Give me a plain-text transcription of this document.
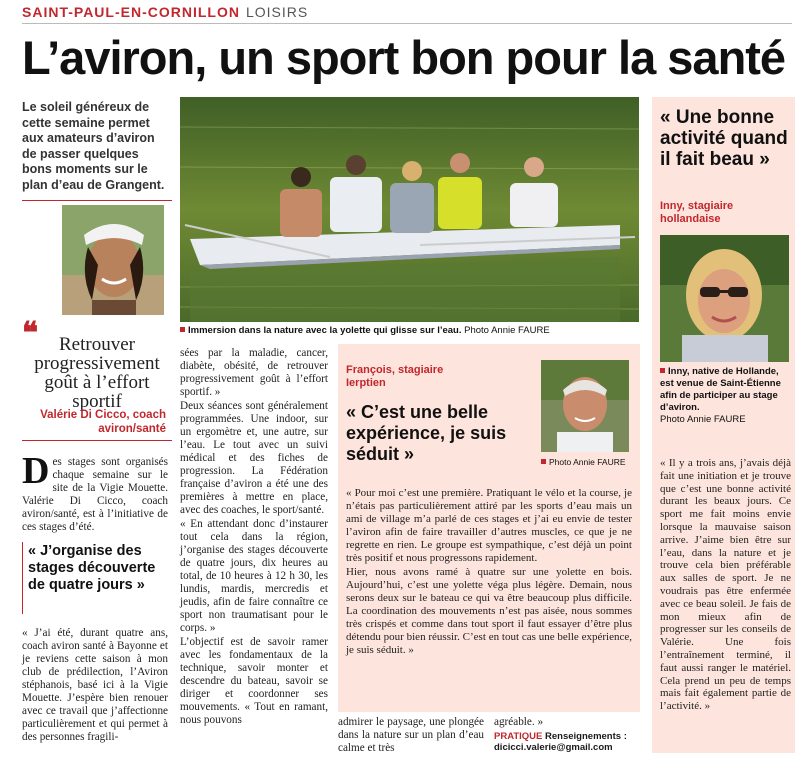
SAINT-PAUL-EN-CORNILLON LOISIRS
L’aviron, un sport bon pour la santé
Le soleil généreux de cette semaine permet aux amateurs d’aviron de passer quelques bons moments sur le plan d’eau de Grangent.
❝	Retrouver progressivement goût à l’effort sportif
Valérie Di Cicco, coach aviron/santé
Des stages sont organisés chaque semaine sur le site de la Vigie Mouette. Valérie Di Cicco, coach aviron/santé, est à l’initiative de ces stages d’été.
« J’organise des stages découverte de quatre jours »
« J’ai été, durant quatre ans, coach aviron santé à Bayonne et je reviens cette saison à mon club de prédilection, l’Aviron stéphanois, basé ici à la Vigie Mouette. J’espère bien renouer avec ce travail que j’affectionne particulièrement et qui permet à des personnes fragili-
Immersion dans la nature avec la yolette qui glisse sur l’eau. Photo Annie FAURE

sées par la maladie, cancer, diabète, obésité, de retrouver progressivement goût à l’effort sportif. »

Deux séances sont généralement programmées. Une indoor, sur un ergomètre et, une autre, sur l’eau. Le tout avec un suivi médical et des fiches de progression. La Fédération française d’aviron a été une des premières à mettre en place, avec des coaches, le sport/santé.

« En attendant donc d’instaurer tout cela dans la région, j’organise des stages découverte de quatre jours, dix heures au total, de 10 heures à 12 h 30, les lundis, mardis, mercredis et jeudis, afin de faire connaître ce sport non traumatisant pour le corps. »

L’objectif est de savoir ramer avec les fondamentaux de la technique, savoir monter et descendre du bateau, savoir se diriger et coordonner ses mouvements. « Tout en ramant, nous pouvons	admirer le paysage, une plongée dans la nature sur un plan d’eau calme et très
agréable. »
PRATIQUE Renseignements :
dicicci.valerie@gmail.com
François, stagiaire Ierptien
« C’est une belle expérience, je suis séduit »	Photo Annie FAURE

« Pour moi c’est une première. Pratiquant le vélo et la course, je n’étais pas particulièrement attiré par les sports d’eau mais un ami de village m’a parlé de ces stages et j’ai eu envie de tester l’aviron afin de faire travailler d’autres muscles, ce que je ne regrette en rien. Le groupe est sympathique, c’est déjà un point très positif et nous progressons rapidement.

Hier, nous avons ramé à quatre sur une yolette en bois. Aujourd’hui, c’est une yolette véga plus légère. Demain, nous serons deux sur le bateau ce qui va être beaucoup plus difficile. La coordination des mouvements n’est pas aisée, nous sommes très crispés et comme dans tout sport il faut essayer d’être plus détendu pour bien réussir. C’est en tout cas une belle expérience, je suis séduit. »

« Une bonne activité quand il fait beau »
Inny, stagiaire hollandaise
Inny, native de Hollande, est venue de Saint-Étienne afin de participer au stage d’aviron.
Photo Annie FAURE
« Il y a trois ans, j’avais déjà fait une initiation et je trouve que c’est une bonne activité durant les beaux jours. Ce sport me fait moins envie lorsque la mauvaise saison arrive. J’aime bien être sur l’eau, dans la nature et je trouve cela bien préférable aux salles de sport. Je ne voudrais pas être enfermée avec ce beau soleil. Je fais de mon mieux afin de progresser sur les conseils de Valérie. Une fois l’entraînement terminé, il faut aussi ranger le matériel. Cela prend un peu de temps mais fait également partie de l’activité. »
